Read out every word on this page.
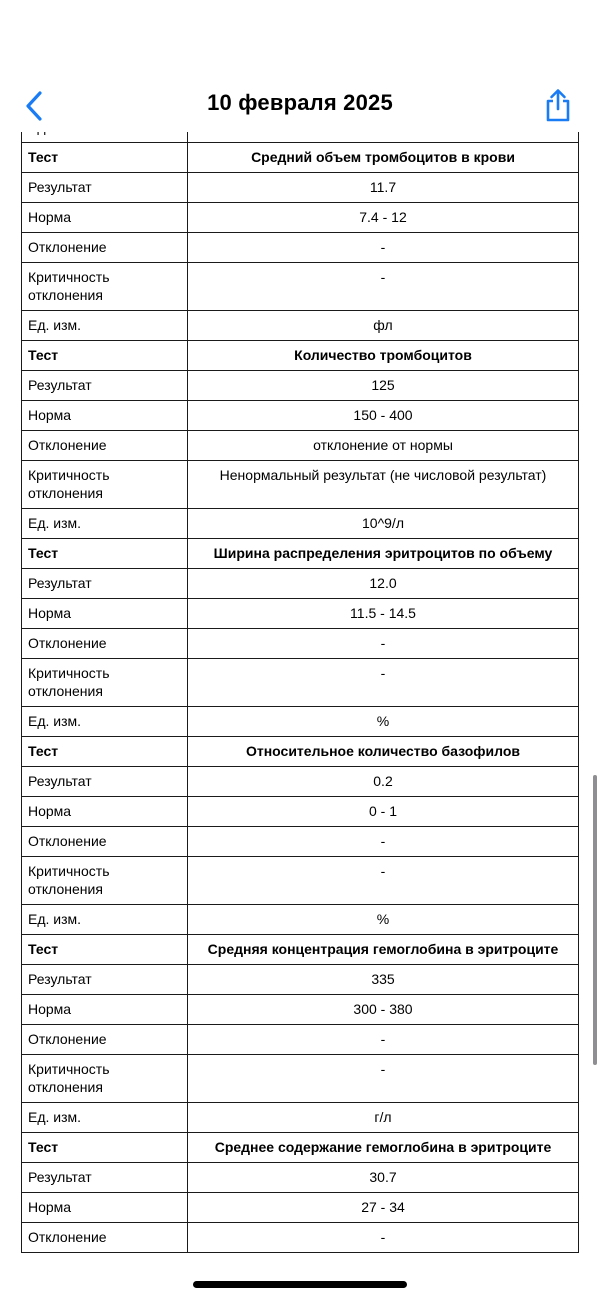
10 февраля 2025

Тест	Средний объем тромбоцитов в крови
Результат	11.7
Норма	7.4 - 12
Отклонение	-
Критичность отклонения	-
Ед. изм.	фл
Тест	Количество тромбоцитов
Результат	125
Норма	150 - 400
Отклонение	отклонение от нормы
Критичность отклонения	Ненормальный результат (не числовой результат)
Ед. изм.	10^9/л
Тест	Ширина распределения эритроцитов по объему
Результат	12.0
Норма	11.5 - 14.5
Отклонение	-
Критичность отклонения	-
Ед. изм.	%
Тест	Относительное количество базофилов
Результат	0.2
Норма	0 - 1
Отклонение	-
Критичность отклонения	-
Ед. изм.	%
Тест	Средняя концентрация гемоглобина в эритроците
Результат	335
Норма	300 - 380
Отклонение	-
Критичность отклонения	-
Ед. изм.	г/л
Тест	Среднее содержание гемоглобина в эритроците
Результат	30.7
Норма	27 - 34
Отклонение	-
